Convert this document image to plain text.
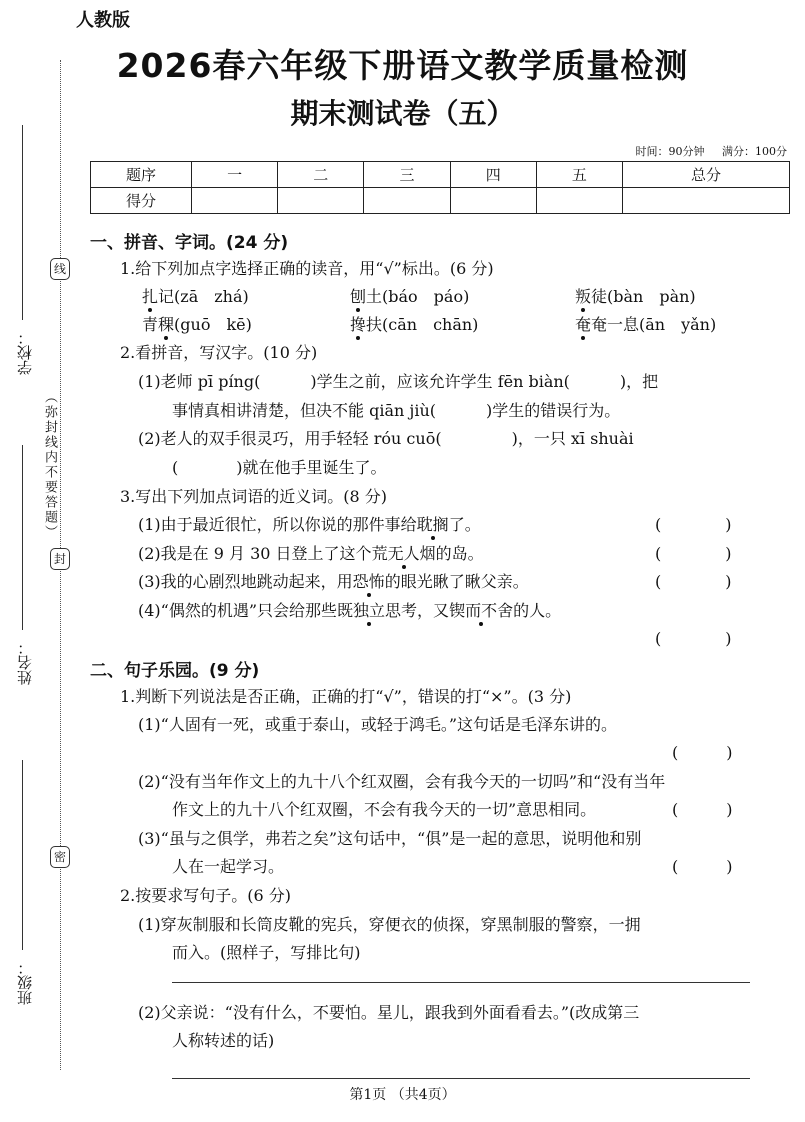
学校：
线
（
弥封线内不要答题
）
封
姓名：
密
班级：
人教版
2026春六年级下册语文教学质量检测
期末测试卷（五）
时间：90分钟 满分：100分
题序	一	二	三	四	五	总分
得分						
一、拼音、字词。(24 分)
1.给下列加点字选择正确的读音，用“√”标出。(6 分)
扎记(zā　zhá)	刨土(báo　páo)	叛徒(bàn　pàn)
青稞(guō　kē)	搀扶(cān　chān)	奄奄一息(ān　yǎn)
2.看拼音，写汉字。(10 分)
(1)老师 pī píng(	)学生之前，应该允许学生 fēn biàn(	)，把
事情真相讲清楚，但决不能 qiān jiù(	)学生的错误行为。
(2)老人的双手很灵巧，用手轻轻 róu cuō(	)，一只 xī shuài
(	)就在他手里诞生了。
3.写出下列加点词语的近义词。(8 分)
(1)由于最近很忙，所以你说的那件事给耽搁了。	(　　　　)
(2)我是在 9 月 30 日登上了这个荒无人烟的岛。	(　　　　)
(3)我的心剧烈地跳动起来，用恐怖的眼光瞅了瞅父亲。	(　　　　)
(4)“偶然的机遇”只会给那些既独立思考，又锲而不舍的人。
(　　　　)
二、句子乐园。(9 分)
1.判断下列说法是否正确，正确的打“√”，错误的打“×”。(3 分)
(1)“人固有一死，或重于泰山，或轻于鸿毛。”这句话是毛泽东讲的。
(　　　)
(2)“没有当年作文上的九十八个红双圈，会有我今天的一切吗”和“没有当年
作文上的九十八个红双圈，不会有我今天的一切”意思相同。	(　　　)
(3)“虽与之俱学，弗若之矣”这句话中，“俱”是一起的意思，说明他和别
人在一起学习。	(　　　)
2.按要求写句子。(6 分)
(1)穿灰制服和长筒皮靴的宪兵，穿便衣的侦探，穿黑制服的警察，一拥
而入。(照样子，写排比句)
(2)父亲说：“没有什么，不要怕。星儿，跟我到外面看看去。”(改成第三
人称转述的话)
第1页 （共4页）
